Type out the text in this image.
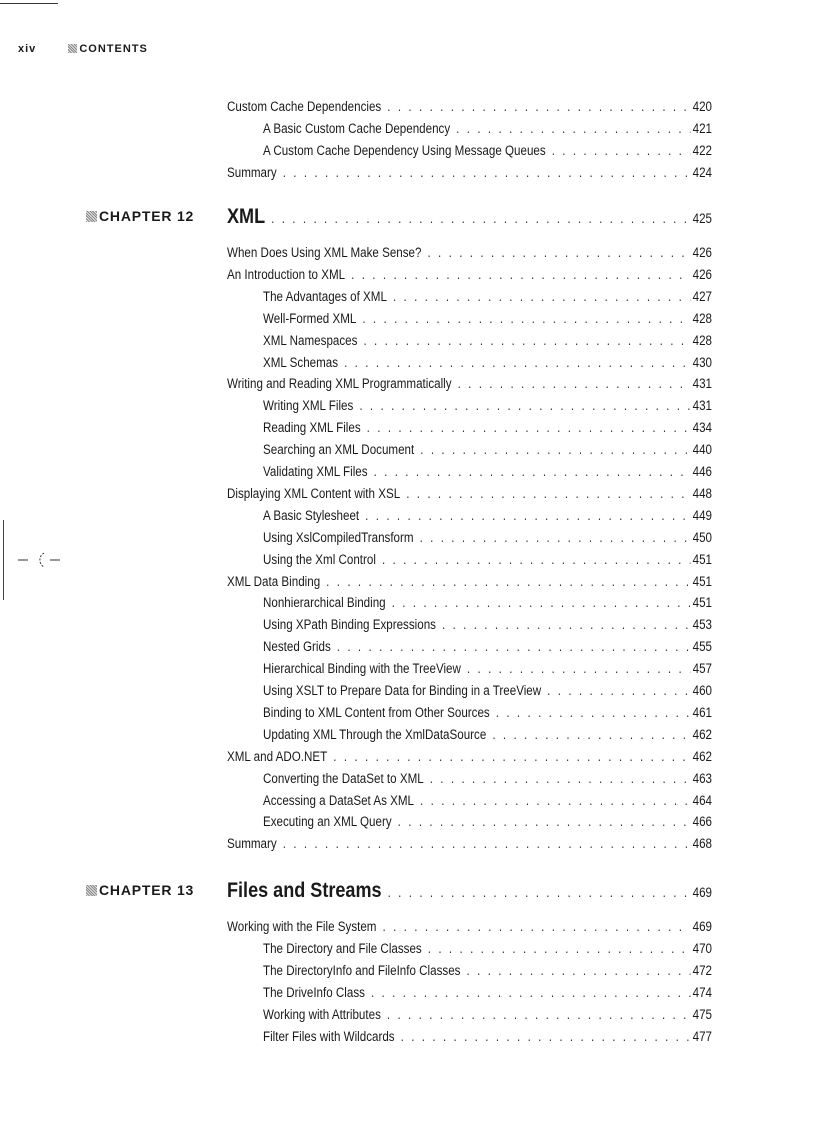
xiv	CONTENTS
Custom Cache Dependencies . . .	420
A Basic Custom Cache Dependency . . .	421
A Custom Cache Dependency Using Message Queues . . .	422
Summary . . .	424
CHAPTER 12 XML . . .	425
When Does Using XML Make Sense? . . .	426
An Introduction to XML . . .	426
The Advantages of XML . . .	427
Well-Formed XML . . .	428
XML Namespaces . . .	428
XML Schemas . . .	430
Writing and Reading XML Programmatically . . .	431
Writing XML Files . . .	431
Reading XML Files . . .	434
Searching an XML Document . . .	440
Validating XML Files . . .	446
Displaying XML Content with XSL . . .	448
A Basic Stylesheet . . .	449
Using XslCompiledTransform . . .	450
Using the Xml Control . . .	451
XML Data Binding . . .	451
Nonhierarchical Binding . . .	451
Using XPath Binding Expressions . . .	453
Nested Grids . . .	455
Hierarchical Binding with the TreeView . . .	457
Using XSLT to Prepare Data for Binding in a TreeView . . .	460
Binding to XML Content from Other Sources . . .	461
Updating XML Through the XmlDataSource . . .	462
XML and ADO.NET . . .	462
Converting the DataSet to XML . . .	463
Accessing a DataSet As XML . . .	464
Executing an XML Query . . .	466
Summary . . .	468
CHAPTER 13 Files and Streams . . .	469
Working with the File System . . .	469
The Directory and File Classes . . .	470
The DirectoryInfo and FileInfo Classes . . .	472
The DriveInfo Class . . .	474
Working with Attributes . . .	475
Filter Files with Wildcards . . .	477
